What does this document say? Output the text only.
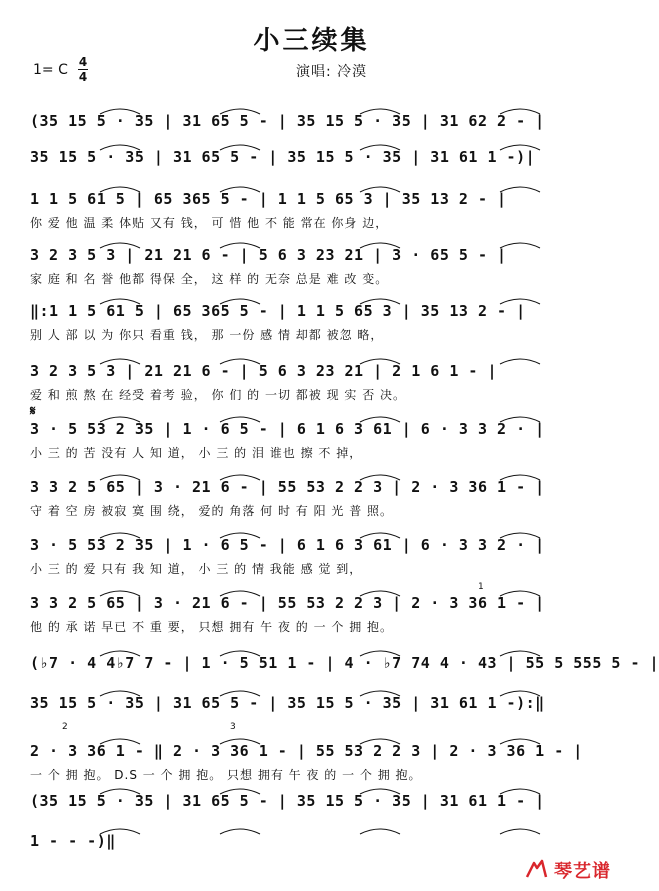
小三续集
1= C 4
4	演唱: 冷漠
(35 15 5 · 35 | 31 65 5 - | 35 15 5 · 35 | 31 62 2 - |
35 15 5 · 35 | 31 65 5 - | 35 15 5 · 35 | 31 61 1 -)|
1 1 5 61 5 | 65 365 5 - | 1 1 5 65 3 | 35 13 2 - |
你 爱 他 温 柔 体贴 又有 钱， 可 惜 他 不 能 常在 你身 边，
3 2 3 5 3 | 21 21 6 - | 5 6 3 23 21 | 3 · 65 5 - |
家 庭 和 名 誉 他都 得保 全， 这 样 的 无奈 总是 难 改 变。
‖:1 1 5 61 5 | 65 365 5 - | 1 1 5 65 3 | 35 13 2 - |
别 人 部 以 为 你只 看重 钱， 那 一份 感 情 却都 被忽 略，
3 2 3 5 3 | 21 21 6 - | 5 6 3 23 21 | 2 1 6 1 - |
爱 和 煎 熬 在 经受 着考 验， 你 们 的 一切 都被 现 实 否 决。
3 · 5 53 2 35 | 1 · 6 5 - | 6 1 6 3 61 | 6 · 3 3 2 · |
小 三 的 苦 没有 人 知 道， 小 三 的 泪 谁也 擦 不 掉，
3 3 2 5 65 | 3 · 21 6 - | 55 53 2 2 3 | 2 · 3 36 1 - |
守 着 空 房 被寂 寞 围 绕， 爱的 角落 何 时 有 阳 光 普 照。
3 · 5 53 2 35 | 1 · 6 5 - | 6 1 6 3 61 | 6 · 3 3 2 · |
小 三 的 爱 只有 我 知 道， 小 三 的 情 我能 感 觉 到，
3 3 2 5 65 | 3 · 21 6 - | 55 53 2 2 3 | 2 · 3 36 1 - |
他 的 承 诺 早已 不 重 要， 只想 拥有 午 夜 的 一 个 拥 抱。
(♭7 · 4 4♭7 7 - | 1 · 5 51 1 - | 4 · ♭7 74 4 · 43 | 55 5 555 5 - |
35 15 5 · 35 | 31 65 5 - | 35 15 5 · 35 | 31 61 1 -):‖
2 · 3 36 1 - ‖ 2 · 3 36 1 - | 55 53 2 2 3 | 2 · 3 36 1 - |
一 个 拥 抱。 D.S 一 个 拥 抱。 只想 拥有 午 夜 的 一 个 拥 抱。
(35 15 5 · 35 | 31 65 5 - | 35 15 5 · 35 | 31 61 1 - |
1 - - -)‖
𝄋
1
2	3
琴艺谱
